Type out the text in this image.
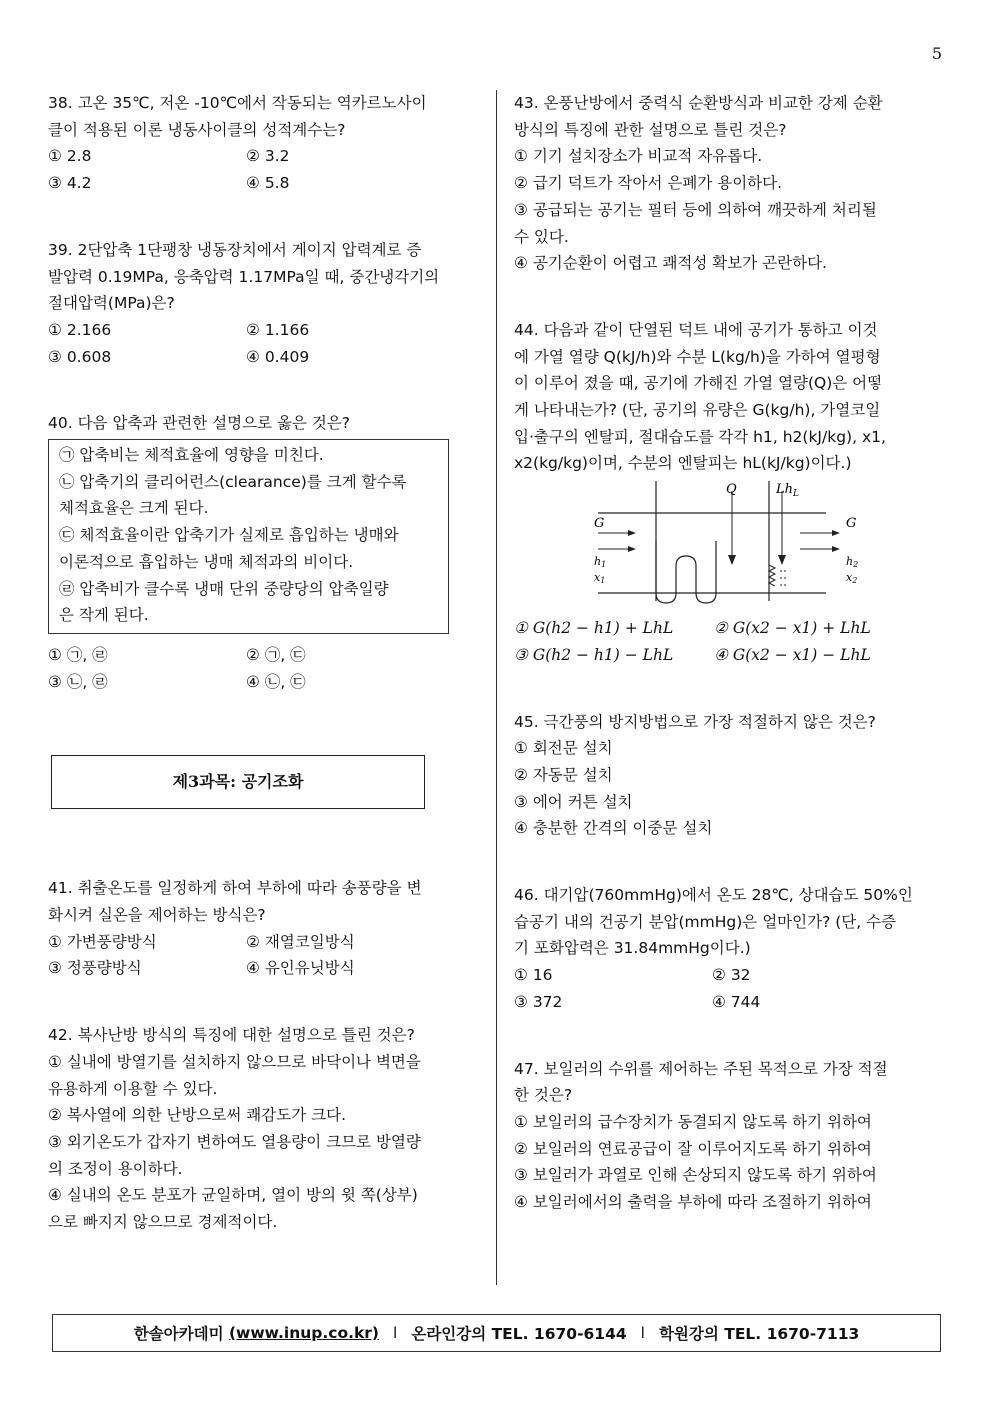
5
38. 고온 35℃, 저온 -10℃에서 작동되는 역카르노사이
클이 적용된 이론 냉동사이클의 성적계수는?
① 2.8	② 3.2
③ 4.2	④ 5.8
39. 2단압축 1단팽창 냉동장치에서 게이지 압력계로 증
발압력 0.19MPa, 응축압력 1.17MPa일 때, 중간냉각기의
절대압력(MPa)은?
① 2.166	② 1.166
③ 0.608	④ 0.409
40. 다음 압축과 관련한 설명으로 옳은 것은?
㉠ 압축비는 체적효율에 영향을 미친다.
㉡ 압축기의 클리어런스(clearance)를 크게 할수록
체적효율은 크게 된다.
㉢ 체적효율이란 압축기가 실제로 흡입하는 냉매와
이론적으로 흡입하는 냉매 체적과의 비이다.
㉣ 압축비가 클수록 냉매 단위 중량당의 압축일량
은 작게 된다.
① ㉠, ㉣	② ㉠, ㉢
③ ㉡, ㉣	④ ㉡, ㉢
제3과목: 공기조화
41. 취출온도를 일정하게 하여 부하에 따라 송풍량을 변
화시켜 실온을 제어하는 방식은?
① 가변풍량방식	② 재열코일방식
③ 정풍량방식	④ 유인유닛방식
42. 복사난방 방식의 특징에 대한 설명으로 틀린 것은?
① 실내에 방열기를 설치하지 않으므로 바닥이나 벽면을
유용하게 이용할 수 있다.
② 복사열에 의한 난방으로써 쾌감도가 크다.
③ 외기온도가 갑자기 변하여도 열용량이 크므로 방열량
의 조정이 용이하다.
④ 실내의 온도 분포가 균일하며, 열이 방의 윗 쪽(상부)
으로 빠지지 않으므로 경제적이다.
43. 온풍난방에서 중력식 순환방식과 비교한 강제 순환
방식의 특징에 관한 설명으로 틀린 것은?
① 기기 설치장소가 비교적 자유롭다.
② 급기 덕트가 작아서 은폐가 용이하다.
③ 공급되는 공기는 필터 등에 의하여 깨끗하게 처리될
수 있다.
④ 공기순환이 어렵고 쾌적성 확보가 곤란하다.
44. 다음과 같이 단열된 덕트 내에 공기가 통하고 이것
에 가열 열량 Q(kJ/h)와 수분 L(kg/h)을 가하여 열평형
이 이루어 졌을 때, 공기에 가해진 가열 열량(Q)은 어떻
게 나타내는가? (단, 공기의 유량은 G(kg/h), 가열코일
입·출구의 엔탈피, 절대습도를 각각 h1, h2(kJ/kg), x1,
x2(kg/kg)이며, 수분의 엔탈피는 hL(kJ/kg)이다.)
Q	$Lh_L$
G
h1
x1
G
h2
x2
① G(h2 − h1) + LhL	② G(x2 − x1) + LhL
③ G(h2 − h1) − LhL	④ G(x2 − x1) − LhL
45. 극간풍의 방지방법으로 가장 적절하지 않은 것은?
① 회전문 설치
② 자동문 설치
③ 에어 커튼 설치
④ 충분한 간격의 이중문 설치
46. 대기압(760mmHg)에서 온도 28℃, 상대습도 50%인
습공기 내의 건공기 분압(mmHg)은 얼마인가? (단, 수증
기 포화압력은 31.84mmHg이다.)
① 16	② 32
③ 372	④ 744
47. 보일러의 수위를 제어하는 주된 목적으로 가장 적절
한 것은?
① 보일러의 급수장치가 동결되지 않도록 하기 위하여
② 보일러의 연료공급이 잘 이루어지도록 하기 위하여
③ 보일러가 과열로 인해 손상되지 않도록 하기 위하여
④ 보일러에서의 출력을 부하에 따라 조절하기 위하여
한솔아카데미
(www.inup.co.kr) l 온라인강의 TEL. 1670-6144 l 학원강의 TEL. 1670-7113
